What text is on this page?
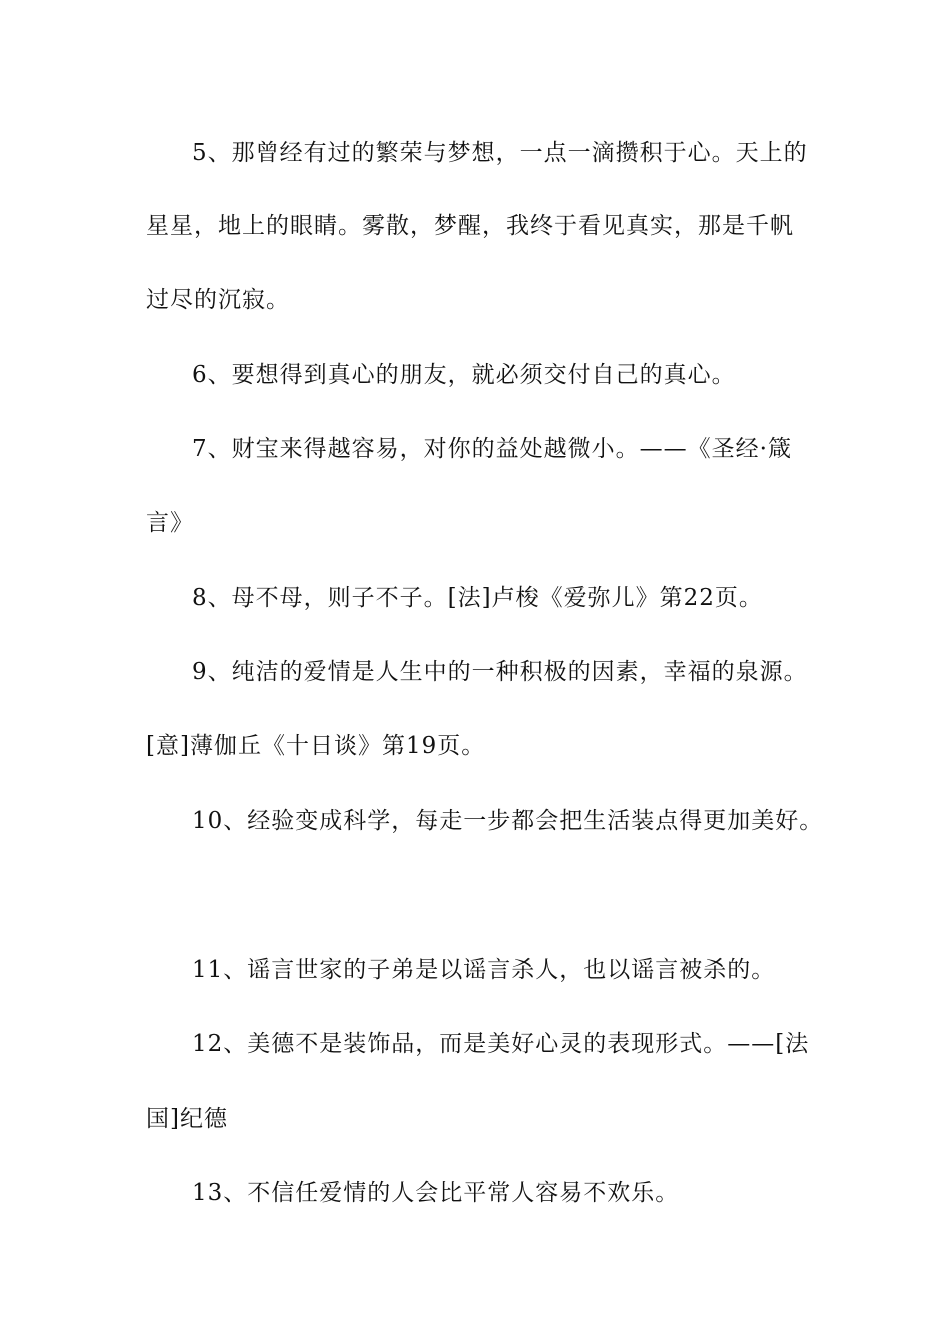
5、那曾经有过的繁荣与梦想，一点一滴攒积于心。天上的
星星，地上的眼睛。雾散，梦醒，我终于看见真实，那是千帆
过尽的沉寂。
6、要想得到真心的朋友，就必须交付自己的真心。
7、财宝来得越容易，对你的益处越微小。——《圣经·箴
言》
8、母不母，则子不子。[法]卢梭《爱弥儿》第22页。
9、纯洁的爱情是人生中的一种积极的因素，幸福的泉源。
[意]薄伽丘《十日谈》第19页。
10、经验变成科学，每走一步都会把生活装点得更加美好。
11、谣言世家的子弟是以谣言杀人，也以谣言被杀的。
12、美德不是装饰品，而是美好心灵的表现形式。——[法
国]纪德
13、不信任爱情的人会比平常人容易不欢乐。
